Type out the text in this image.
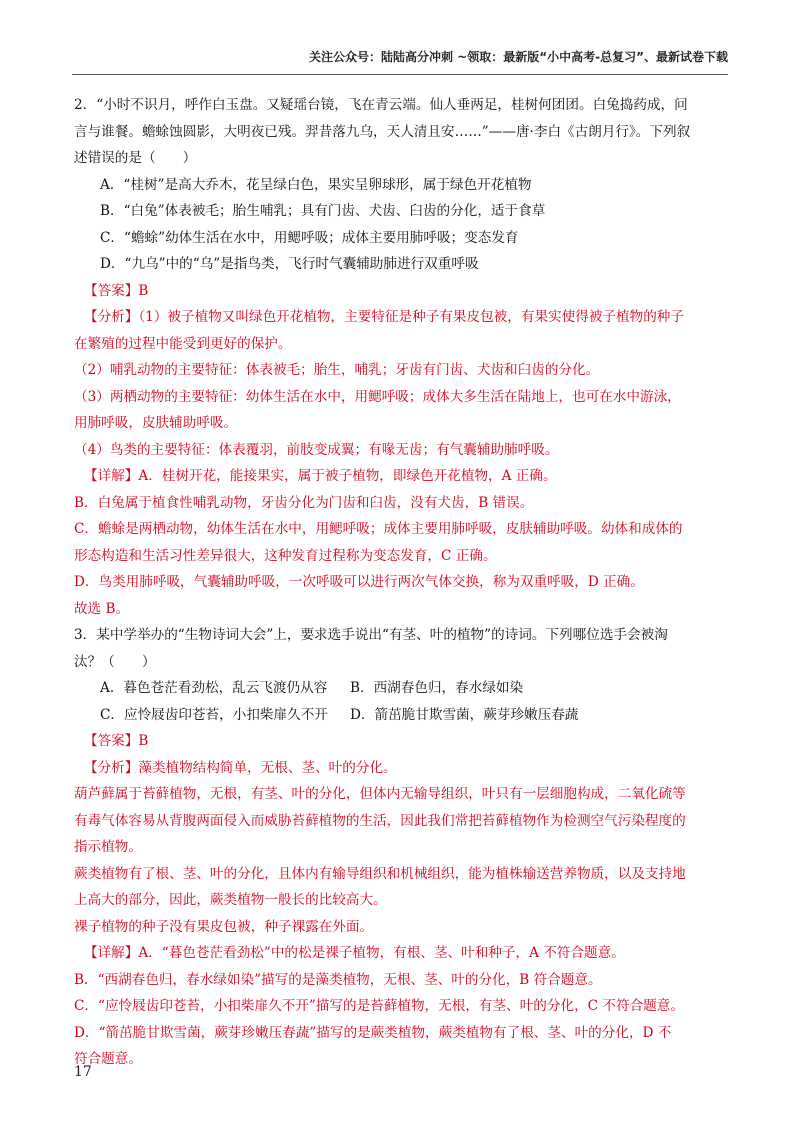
关注公众号：陆陆高分冲刺 ~领取：最新版“小中高考-总复习”、最新试卷下载

2．“小时不识月，呼作白玉盘。又疑瑶台镜，飞在青云端。仙人垂两足，桂树何团团。白兔捣药成，问

言与谁餐。蟾蜍蚀圆影，大明夜已残。羿昔落九乌，天人清且安……”——唐·李白《古朗月行》。下列叙

述错误的是（　　）

A．“桂树”是高大乔木，花呈绿白色，果实呈卵球形，属于绿色开花植物

B．“白兔”体表被毛；胎生哺乳；具有门齿、犬齿、臼齿的分化，适于食草

C．“蟾蜍”幼体生活在水中，用鳃呼吸；成体主要用肺呼吸；变态发育

D．“九乌”中的“乌”是指鸟类，飞行时气囊辅助肺进行双重呼吸

【答案】B

【分析】（1）被子植物又叫绿色开花植物，主要特征是种子有果皮包被，有果实使得被子植物的种子

在繁殖的过程中能受到更好的保护。

（2）哺乳动物的主要特征：体表被毛；胎生，哺乳；牙齿有门齿、犬齿和臼齿的分化。

（3）两栖动物的主要特征：幼体生活在水中，用鳃呼吸；成体大多生活在陆地上，也可在水中游泳，

用肺呼吸，皮肤辅助呼吸。

（4）鸟类的主要特征：体表覆羽，前肢变成翼；有喙无齿；有气囊辅助肺呼吸。

【详解】A．桂树开花，能接果实，属于被子植物，即绿色开花植物，A 正确。

B．白兔属于植食性哺乳动物，牙齿分化为门齿和臼齿，没有犬齿，B 错误。

C．蟾蜍是两栖动物，幼体生活在水中，用鳃呼吸；成体主要用肺呼吸，皮肤辅助呼吸。幼体和成体的

形态构造和生活习性差异很大，这种发育过程称为变态发育，C 正确。

D．鸟类用肺呼吸，气囊辅助呼吸，一次呼吸可以进行两次气体交换，称为双重呼吸，D 正确。

故选 B。

3．某中学举办的“生物诗词大会”上，要求选手说出“有茎、叶的植物”的诗词。下列哪位选手会被淘

汰？（　　）

A．暮色苍茫看劲松，乱云飞渡仍从容	B．西湖春色归，春水绿如染
C．应怜屐齿印苍苔，小扣柴扉久不开	D．箭茁脆甘欺雪菌，蕨芽珍嫩压春蔬

【答案】B

【分析】藻类植物结构简单，无根、茎、叶的分化。

葫芦藓属于苔藓植物，无根，有茎、叶的分化，但体内无输导组织，叶只有一层细胞构成，二氧化硫等

有毒气体容易从背腹两面侵入而威胁苔藓植物的生活，因此我们常把苔藓植物作为检测空气污染程度的

指示植物。

蕨类植物有了根、茎、叶的分化，且体内有输导组织和机械组织，能为植株输送营养物质，以及支持地

上高大的部分，因此，蕨类植物一般长的比较高大。

裸子植物的种子没有果皮包被，种子裸露在外面。

【详解】A．“暮色苍茫看劲松”中的松是裸子植物，有根、茎、叶和种子，A 不符合题意。

B．“西湖春色归，春水绿如染”描写的是藻类植物，无根、茎、叶的分化，B 符合题意。

C．“应怜屐齿印苍苔，小扣柴扉久不开”描写的是苔藓植物，无根，有茎、叶的分化，C 不符合题意。

D．“箭茁脆甘欺雪菌，蕨芽珍嫩压春蔬”描写的是蕨类植物，蕨类植物有了根、茎、叶的分化，D 不

符合题意。

17
